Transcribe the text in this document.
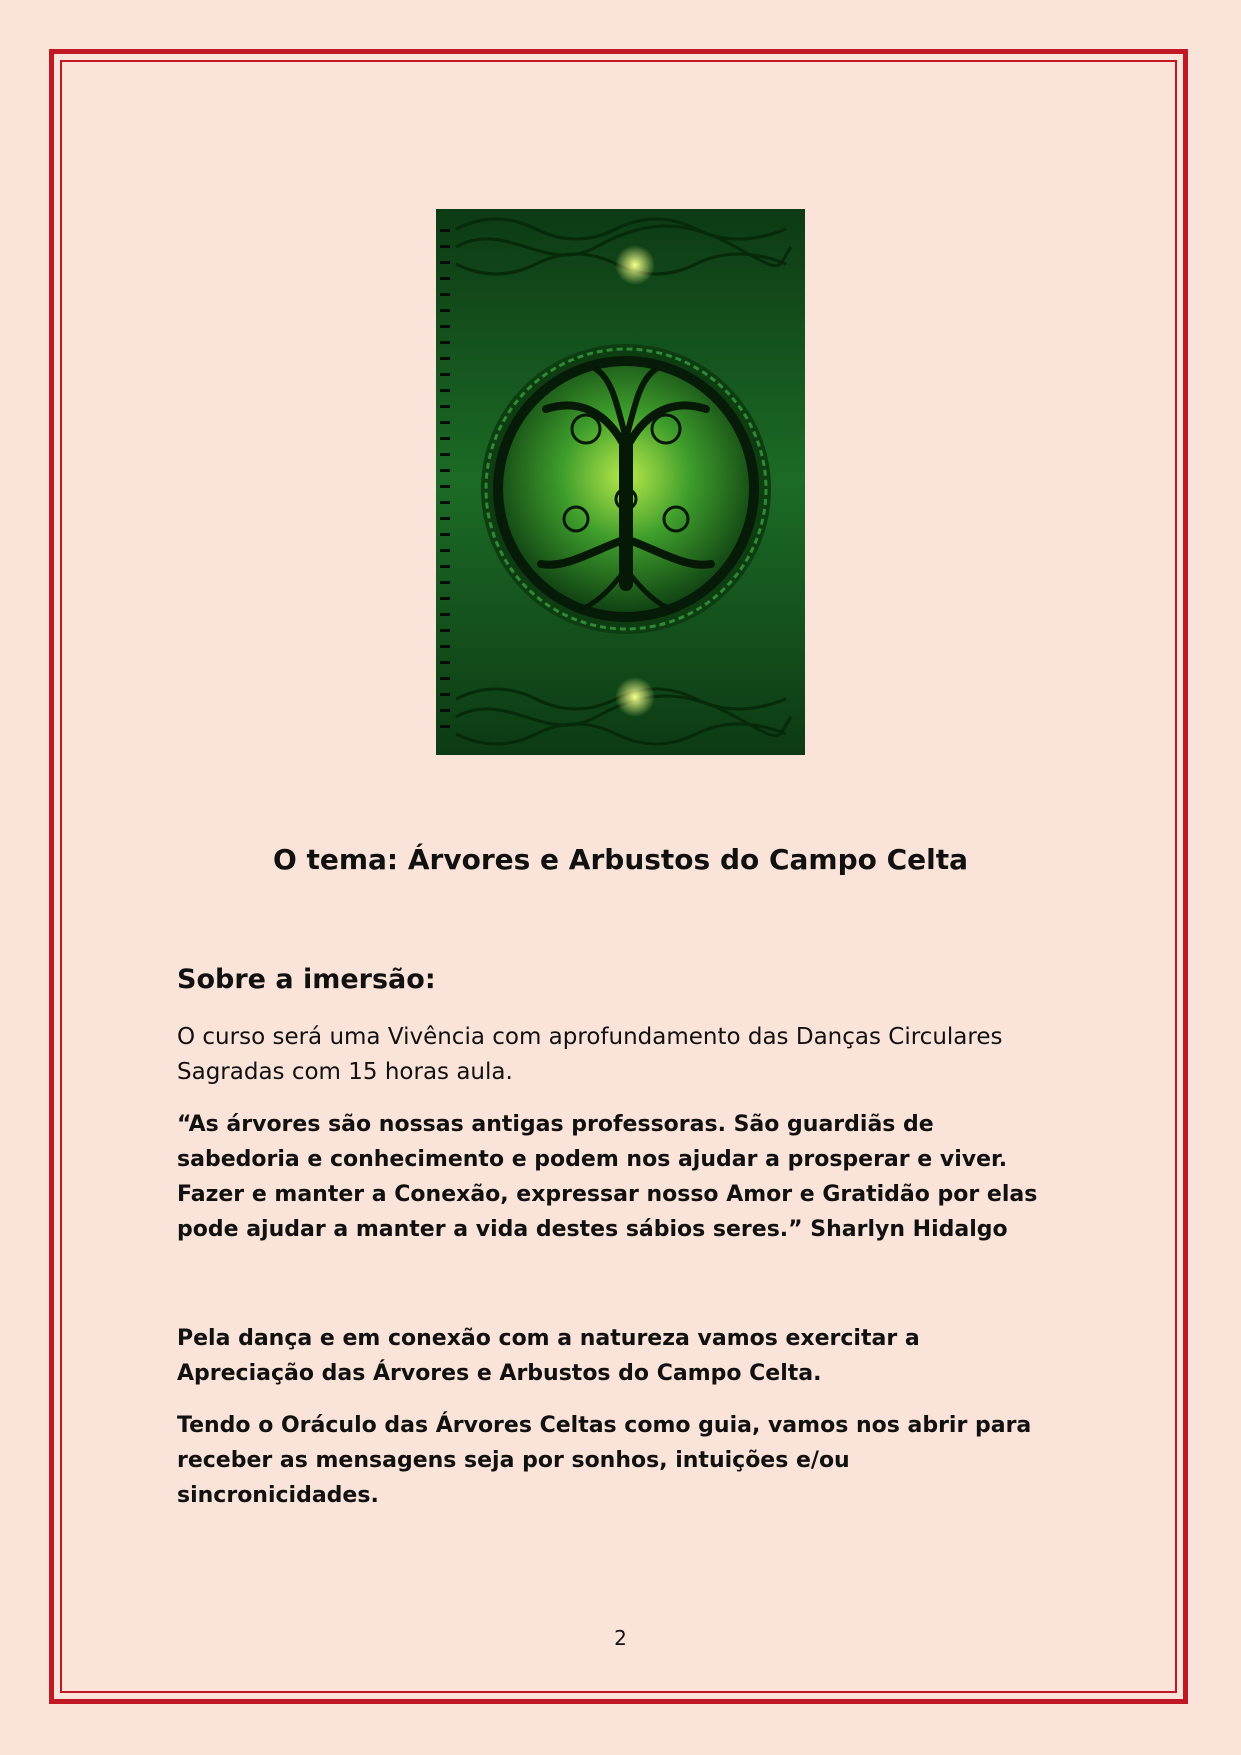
O tema: Árvores e Arbustos do Campo Celta
Sobre a imersão:

O curso será uma Vivência com aprofundamento das Danças Circulares Sagradas com 15 horas aula.

“As árvores são nossas antigas professoras. São guardiãs de sabedoria e conhecimento e podem nos ajudar a prosperar e viver.

Fazer e manter a Conexão, expressar nosso Amor e Gratidão por elas pode ajudar a manter a vida destes sábios seres.” Sharlyn Hidalgo

Pela dança e em conexão com a natureza vamos exercitar a Apreciação das Árvores e Arbustos do Campo Celta.

Tendo o Oráculo das Árvores Celtas como guia, vamos nos abrir para receber as mensagens seja por sonhos, intuições e/ou sincronicidades.

2
